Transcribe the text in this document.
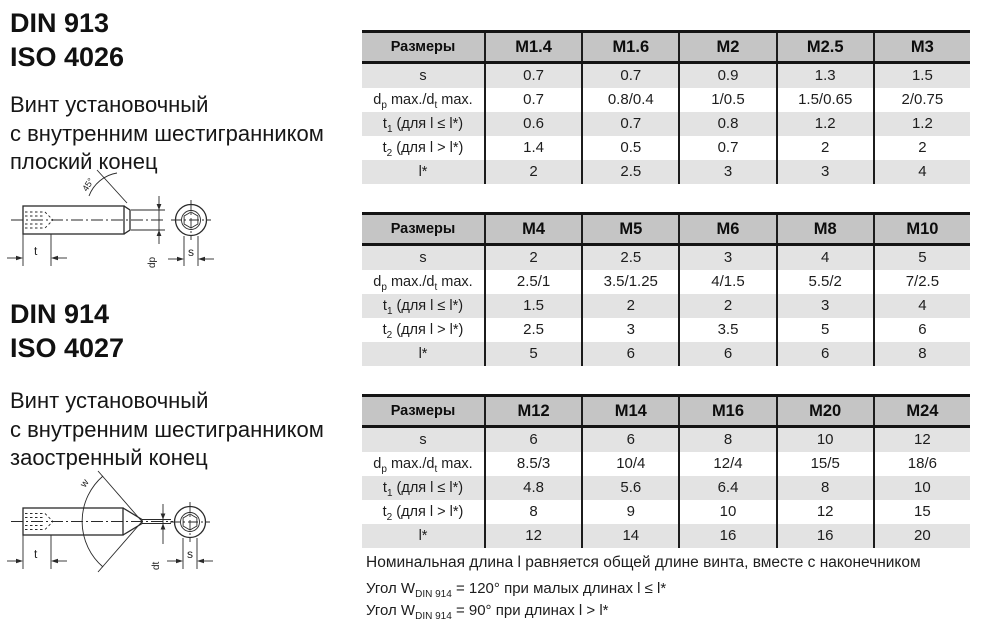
DIN 913
ISO 4026
Винт установочный
с внутренним шестигранником
плоский конец
45°
t
dp
s
DIN 914
ISO 4027
Винт установочный
с внутренним шестигранником
заостренный конец
w
t
dt
s
Размеры	M1.4	M1.6	M2	M2.5	M3
s	0.7	0.7	0.9	1.3	1.5
$d_p$ $\max./d_t$ max.	0.7	0.8/0.4	1/0.5	1.5/0.65	2/0.75
$t_1$ (для l ≤ l*)	0.6	0.7	0.8	1.2	1.2
$t_2$ (для l > l*)	1.4	0.5	0.7	2	2
l*	2	2.5	3	3	4
Размеры	M4	M5	M6	M8	M10
s	2	2.5	3	4	5
$d_p$ $\max./d_t$ max.	2.5/1	3.5/1.25	4/1.5	5.5/2	7/2.5
$t_1$ (для l ≤ l*)	1.5	2	2	3	4
$t_2$ (для l > l*)	2.5	3	3.5	5	6
l*	5	6	6	6	8
Размеры	M12	M14	M16	M20	M24
s	6	6	8	10	12
$d_p$ $\max./d_t$ max.	8.5/3	10/4	12/4	15/5	18/6
$t_1$ (для l ≤ l*)	4.8	5.6	6.4	8	10
$t_2$ (для l > l*)	8	9	10	12	15
l*	12	14	16	16	20
Номинальная длина l равняется общей длине винта, вместе с наконечником
Угол $W_{DIN 914} = 120^\circ$ при малых длинах l ≤ l*
Угол $W_{DIN 914} = 90^\circ$ при длинах l > l*
